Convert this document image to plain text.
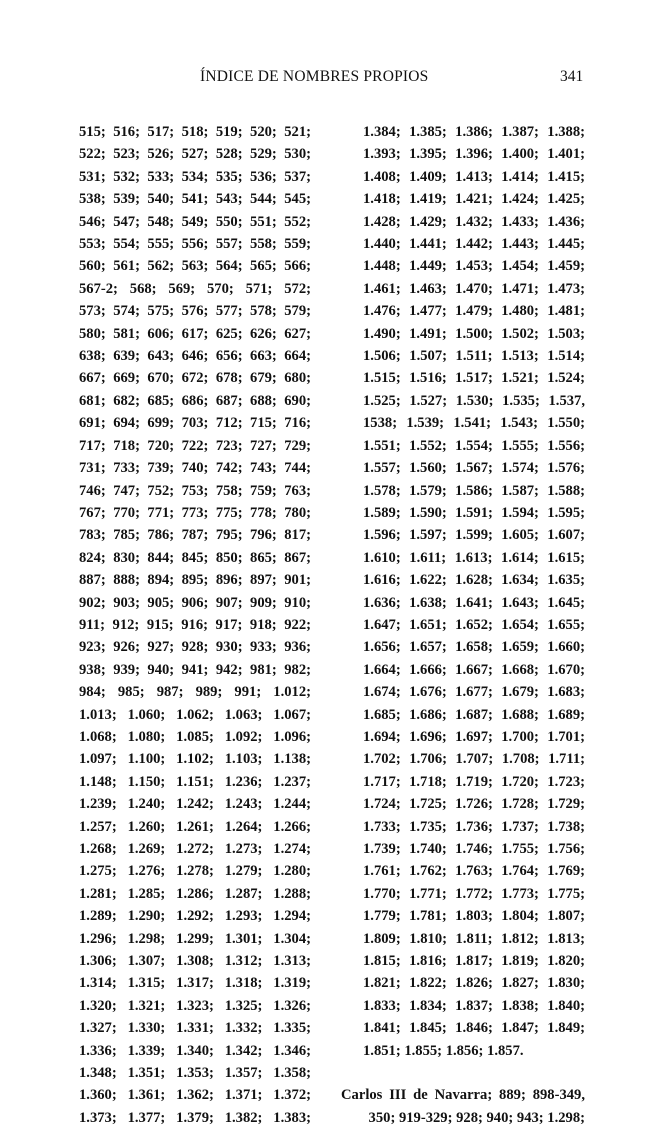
ÍNDICE DE NOMBRES PROPIOS	341
515; 516; 517; 518; 519; 520; 521;
522; 523; 526; 527; 528; 529; 530;
531; 532; 533; 534; 535; 536; 537;
538; 539; 540; 541; 543; 544; 545;
546; 547; 548; 549; 550; 551; 552;
553; 554; 555; 556; 557; 558; 559;
560; 561; 562; 563; 564; 565; 566;
567-2; 568; 569; 570; 571; 572;
573; 574; 575; 576; 577; 578; 579;
580; 581; 606; 617; 625; 626; 627;
638; 639; 643; 646; 656; 663; 664;
667; 669; 670; 672; 678; 679; 680;
681; 682; 685; 686; 687; 688; 690;
691; 694; 699; 703; 712; 715; 716;
717; 718; 720; 722; 723; 727; 729;
731; 733; 739; 740; 742; 743; 744;
746; 747; 752; 753; 758; 759; 763;
767; 770; 771; 773; 775; 778; 780;
783; 785; 786; 787; 795; 796; 817;
824; 830; 844; 845; 850; 865; 867;
887; 888; 894; 895; 896; 897; 901;
902; 903; 905; 906; 907; 909; 910;
911; 912; 915; 916; 917; 918; 922;
923; 926; 927; 928; 930; 933; 936;
938; 939; 940; 941; 942; 981; 982;
984; 985; 987; 989; 991; 1.012;
1.013; 1.060; 1.062; 1.063; 1.067;
1.068; 1.080; 1.085; 1.092; 1.096;
1.097; 1.100; 1.102; 1.103; 1.138;
1.148; 1.150; 1.151; 1.236; 1.237;
1.239; 1.240; 1.242; 1.243; 1.244;
1.257; 1.260; 1.261; 1.264; 1.266;
1.268; 1.269; 1.272; 1.273; 1.274;
1.275; 1.276; 1.278; 1.279; 1.280;
1.281; 1.285; 1.286; 1.287; 1.288;
1.289; 1.290; 1.292; 1.293; 1.294;
1.296; 1.298; 1.299; 1.301; 1.304;
1.306; 1.307; 1.308; 1.312; 1.313;
1.314; 1.315; 1.317; 1.318; 1.319;
1.320; 1.321; 1.323; 1.325; 1.326;
1.327; 1.330; 1.331; 1.332; 1.335;
1.336; 1.339; 1.340; 1.342; 1.346;
1.348; 1.351; 1.353; 1.357; 1.358;
1.360; 1.361; 1.362; 1.371; 1.372;
1.373; 1.377; 1.379; 1.382; 1.383;
1.384; 1.385; 1.386; 1.387; 1.388;
1.393; 1.395; 1.396; 1.400; 1.401;
1.408; 1.409; 1.413; 1.414; 1.415;
1.418; 1.419; 1.421; 1.424; 1.425;
1.428; 1.429; 1.432; 1.433; 1.436;
1.440; 1.441; 1.442; 1.443; 1.445;
1.448; 1.449; 1.453; 1.454; 1.459;
1.461; 1.463; 1.470; 1.471; 1.473;
1.476; 1.477; 1.479; 1.480; 1.481;
1.490; 1.491; 1.500; 1.502; 1.503;
1.506; 1.507; 1.511; 1.513; 1.514;
1.515; 1.516; 1.517; 1.521; 1.524;
1.525; 1.527; 1.530; 1.535; 1.537,
1538; 1.539; 1.541; 1.543; 1.550;
1.551; 1.552; 1.554; 1.555; 1.556;
1.557; 1.560; 1.567; 1.574; 1.576;
1.578; 1.579; 1.586; 1.587; 1.588;
1.589; 1.590; 1.591; 1.594; 1.595;
1.596; 1.597; 1.599; 1.605; 1.607;
1.610; 1.611; 1.613; 1.614; 1.615;
1.616; 1.622; 1.628; 1.634; 1.635;
1.636; 1.638; 1.641; 1.643; 1.645;
1.647; 1.651; 1.652; 1.654; 1.655;
1.656; 1.657; 1.658; 1.659; 1.660;
1.664; 1.666; 1.667; 1.668; 1.670;
1.674; 1.676; 1.677; 1.679; 1.683;
1.685; 1.686; 1.687; 1.688; 1.689;
1.694; 1.696; 1.697; 1.700; 1.701;
1.702; 1.706; 1.707; 1.708; 1.711;
1.717; 1.718; 1.719; 1.720; 1.723;
1.724; 1.725; 1.726; 1.728; 1.729;
1.733; 1.735; 1.736; 1.737; 1.738;
1.739; 1.740; 1.746; 1.755; 1.756;
1.761; 1.762; 1.763; 1.764; 1.769;
1.770; 1.771; 1.772; 1.773; 1.775;
1.779; 1.781; 1.803; 1.804; 1.807;
1.809; 1.810; 1.811; 1.812; 1.813;
1.815; 1.816; 1.817; 1.819; 1.820;
1.821; 1.822; 1.826; 1.827; 1.830;
1.833; 1.834; 1.837; 1.838; 1.840;
1.841; 1.845; 1.846; 1.847; 1.849;
1.851; 1.855; 1.856; 1.857.
Carlos III de Navarra; 889; 898-349,
350; 919-329; 928; 940; 943; 1.298;
